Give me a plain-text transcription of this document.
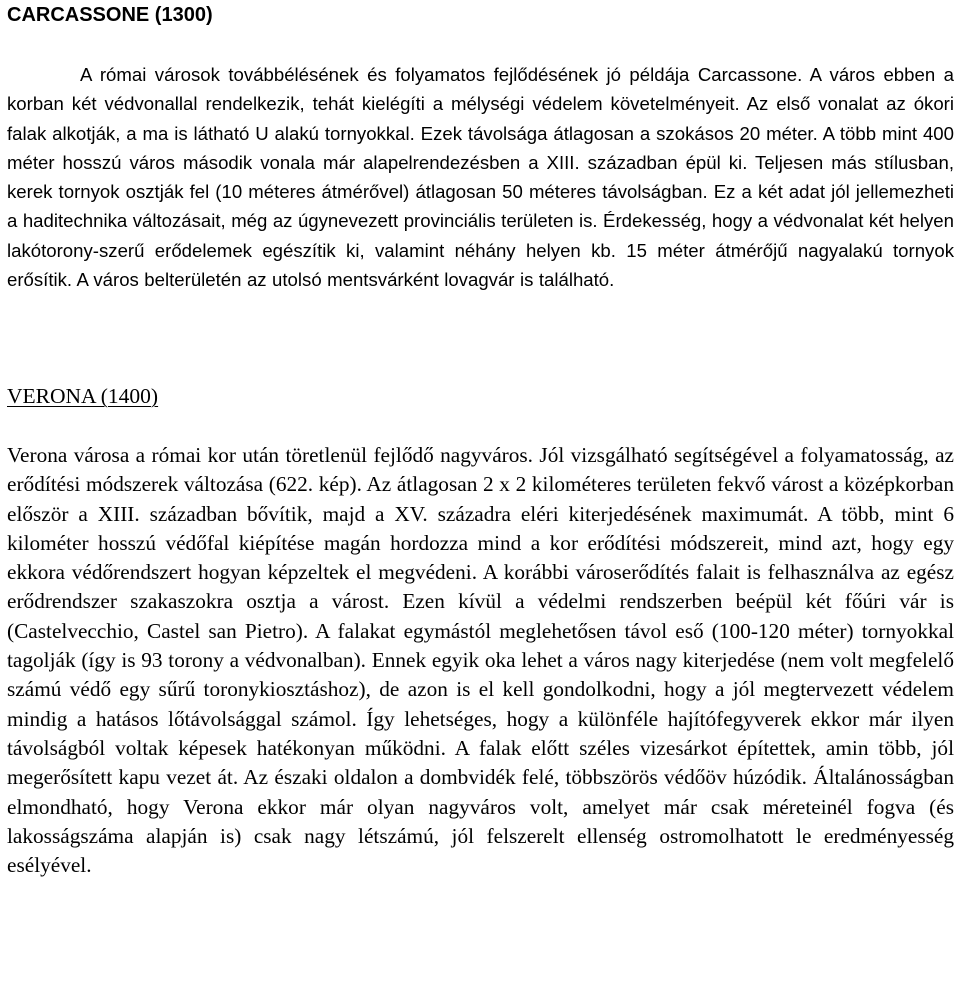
CARCASSONE (1300)

A római városok továbbélésének és folyamatos fejlődésének jó példája Carcassone. A város ebben a korban két védvonallal rendelkezik, tehát kielégíti a mélységi védelem követelményeit. Az első vonalat az ókori falak alkotják, a ma is látható U alakú tornyokkal. Ezek távolsága átlagosan a szokásos 20 méter. A több mint 400 méter hosszú város második vonala már alapelrendezésben a XIII. században épül ki. Teljesen más stílusban, kerek tornyok osztják fel (10 méteres átmérővel) átlagosan 50 méteres távolságban. Ez a két adat jól jellemezheti a haditechnika változásait, még az úgynevezett provinciális területen is. Érdekesség, hogy a védvonalat két helyen lakótorony-szerű erődelemek egészítik ki, valamint néhány helyen kb. 15 méter átmérőjű nagyalakú tornyok erősítik. A város belterületén az utolsó mentsvárként lovagvár is található.

VERONA (1400)

Verona városa a római kor után töretlenül fejlődő nagyváros. Jól vizsgálható segítségével a folyamatosság, az erődítési módszerek változása (622. kép). Az átlagosan 2 x 2 kilométeres területen fekvő várost a középkorban először a XIII. században bővítik, majd a XV. századra eléri kiterjedésének maximumát. A több, mint 6 kilométer hosszú védőfal kiépítése magán hordozza mind a kor erődítési módszereit, mind azt, hogy egy ekkora védőrendszert hogyan képzeltek el megvédeni. A korábbi városerődítés falait is felhasználva az egész erődrendszer szakaszokra osztja a várost. Ezen kívül a védelmi rendszerben beépül két főúri vár is (Castelvecchio, Castel san Pietro). A falakat egymástól meglehetősen távol eső (100-120 méter) tornyokkal tagolják (így is 93 torony a védvonalban). Ennek egyik oka lehet a város nagy kiterjedése (nem volt megfelelő számú védő egy sűrű toronykiosztáshoz), de azon is el kell gondolkodni, hogy a jól megtervezett védelem mindig a hatásos lőtávolsággal számol. Így lehetséges, hogy a különféle hajítófegyverek ekkor már ilyen távolságból voltak képesek hatékonyan működni. A falak előtt széles vizesárkot építettek, amin több, jól megerősített kapu vezet át. Az északi oldalon a dombvidék felé, többszörös védőöv húzódik. Általánosságban elmondható, hogy Verona ekkor már olyan nagyváros volt, amelyet már csak méreteinél fogva (és lakosságszáma alapján is) csak nagy létszámú, jól felszerelt ellenség ostromolhatott le eredményesség esélyével.
